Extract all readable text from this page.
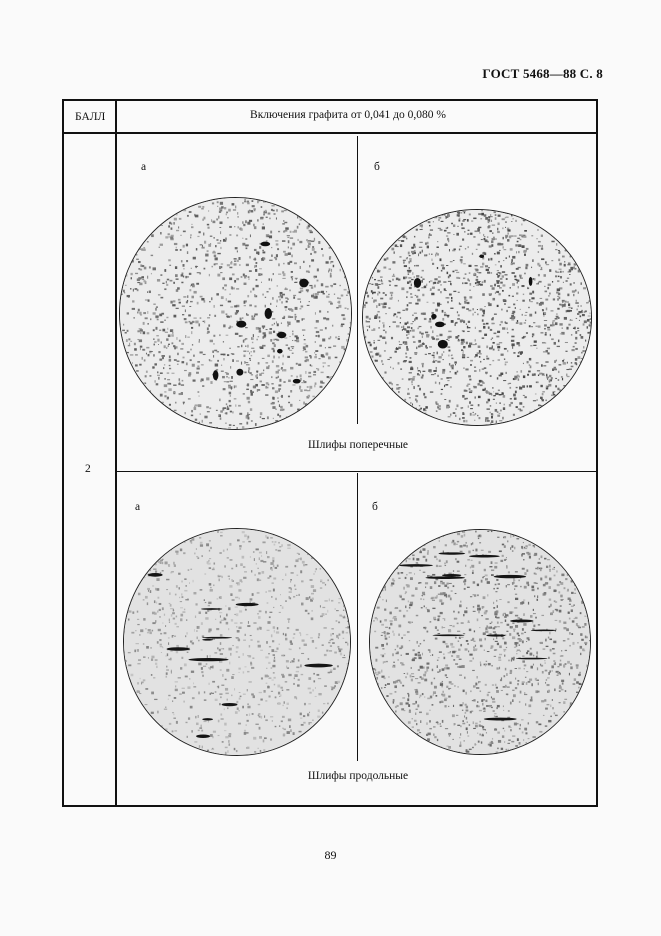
ГОСТ 5468—88 С. 8
БАЛЛ	Включения графита от 0,041 до 0,080 %
2
а	б
Шлифы поперечные
а	б
Шлифы продольные
89
